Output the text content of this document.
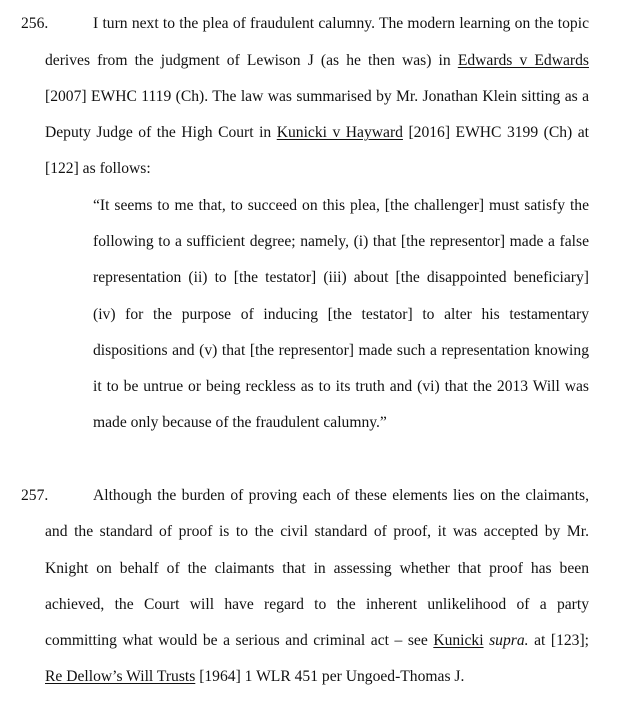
256.	I turn next to the plea of fraudulent calumny. The modern learning on the topic
derives from the judgment of Lewison J (as he then was) in Edwards v Edwards
[2007] EWHC 1119 (Ch). The law was summarised by Mr. Jonathan Klein sitting as a
Deputy Judge of the High Court in Kunicki v Hayward [2016] EWHC 3199 (Ch) at
[122] as follows:
“It seems to me that, to succeed on this plea, [the challenger] must satisfy the
following to a sufficient degree; namely, (i) that [the representor] made a false
representation (ii) to [the testator] (iii) about [the disappointed beneficiary]
(iv) for the purpose of inducing [the testator] to alter his testamentary
dispositions and (v) that [the representor] made such a representation knowing
it to be untrue or being reckless as to its truth and (vi) that the 2013 Will was
made only because of the fraudulent calumny.”
257.	Although the burden of proving each of these elements lies on the claimants,
and the standard of proof is to the civil standard of proof, it was accepted by Mr.
Knight on behalf of the claimants that in assessing whether that proof has been
achieved, the Court will have regard to the inherent unlikelihood of a party
committing what would be a serious and criminal act – see Kunicki supra. at [123];
Re Dellow’s Will Trusts [1964] 1 WLR 451 per Ungoed-Thomas J.
